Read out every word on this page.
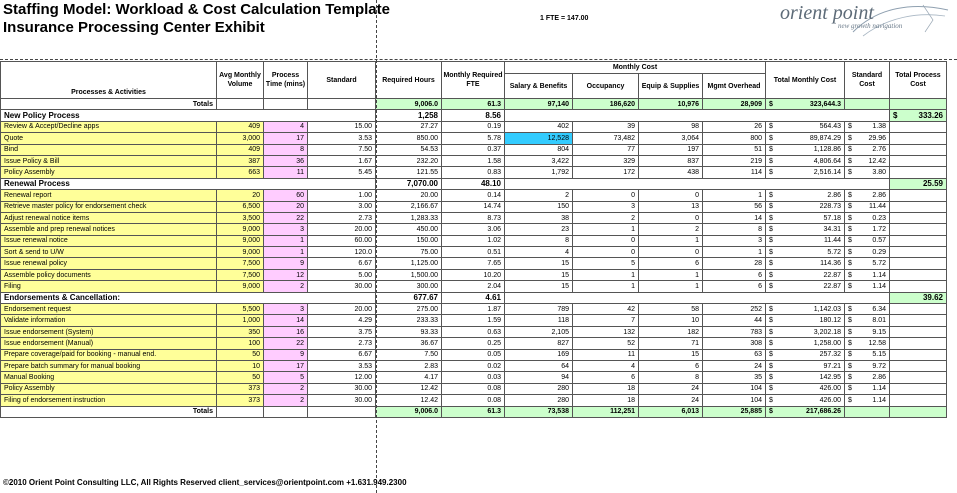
Staffing Model: Workload & Cost Calculation Template
Insurance Processing Center Exhibit
1 FTE = 147.00	orient point
new growth navigation
Processes & Activities	Avg Monthly Volume	Process Time (mins)	Standard	Required Hours	Monthly Required FTE	Monthly Cost				Total Monthly Cost	Standard Cost	Total Process Cost
						Salary & Benefits	Occupancy	Equip & Supplies	Mgmt Overhead			
Totals				9,006.0	61.3	97,140	186,620	10,976	28,909	$ 323,644.3		
New Policy Process				1,258	8.56							$ 333.26
Review & Accept/Decline apps	409	4	15.00	27.27	0.19	402	39	98	26	$ 564.43	$ 1.38	
Quote	3,000	17	3.53	850.00	5.78	12,528	73,482	3,064	800	$ 89,874.29	$ 29.96	
Bind	409	8	7.50	54.53	0.37	804	77	197	51	$ 1,128.86	$ 2.76	
Issue Policy & Bill	387	36	1.67	232.20	1.58	3,422	329	837	219	$ 4,806.64	$ 12.42	
Policy Assembly	663	11	5.45	121.55	0.83	1,792	172	438	114	$ 2,516.14	$ 3.80	
Renewal Process				7,070.00	48.10							25.59
Renewal report	20	60	1.00	20.00	0.14	2	0	0	1	$ 2.86	$ 2.86	
Retrieve master policy for endorsement check	6,500	20	3.00	2,166.67	14.74	150	3	13	56	$ 228.73	$ 11.44	
Adjust renewal notice items	3,500	22	2.73	1,283.33	8.73	38	2	0	14	$ 57.18	$ 0.23	
Assemble and prep renewal notices	9,000	3	20.00	450.00	3.06	23	1	2	8	$ 34.31	$ 1.72	
Issue renewal notice	9,000	1	60.00	150.00	1.02	8	0	1	3	$ 11.44	$ 0.57	
Sort & send to U/W	9,000	1	120.0	75.00	0.51	4	0	0	1	$ 5.72	$ 0.29	
Issue renewal policy	7,500	9	6.67	1,125.00	7.65	15	5	6	28	$ 114.36	$ 5.72	
Assemble policy documents	7,500	12	5.00	1,500.00	10.20	15	1	1	6	$ 22.87	$ 1.14	
Filing	9,000	2	30.00	300.00	2.04	15	1	1	6	$ 22.87	$ 1.14	
Endorsements & Cancellation:				677.67	4.61							39.62
Endorsement request	5,500	3	20.00	275.00	1.87	789	42	58	252	$ 1,142.03	$ 6.34	
Validate information	1,000	14	4.29	233.33	1.59	118	7	10	44	$ 180.12	$ 8.01	
Issue endorsement (System)	350	16	3.75	93.33	0.63	2,105	132	182	783	$ 3,202.18	$ 9.15	
Issue endorsement (Manual)	100	22	2.73	36.67	0.25	827	52	71	308	$ 1,258.00	$ 12.58	
Prepare coverage/paid for booking - manual end.	50	9	6.67	7.50	0.05	169	11	15	63	$ 257.32	$ 5.15	
Prepare batch summary for manual booking	10	17	3.53	2.83	0.02	64	4	6	24	$ 97.21	$ 9.72	
Manual Booking	50	5	12.00	4.17	0.03	94	6	8	35	$ 142.95	$ 2.86	
Policy Assembly	373	2	30.00	12.42	0.08	280	18	24	104	$ 426.00	$ 1.14	
Filing of endorsement instruction	373	2	30.00	12.42	0.08	280	18	24	104	$ 426.00	$ 1.14	
Totals				9,006.0	61.3	73,538	112,251	6,013	25,885	$ 217,686.26		
©2010 Orient Point Consulting LLC, All Rights Reserved client_services@orientpoint.com +1.631.949.2300
